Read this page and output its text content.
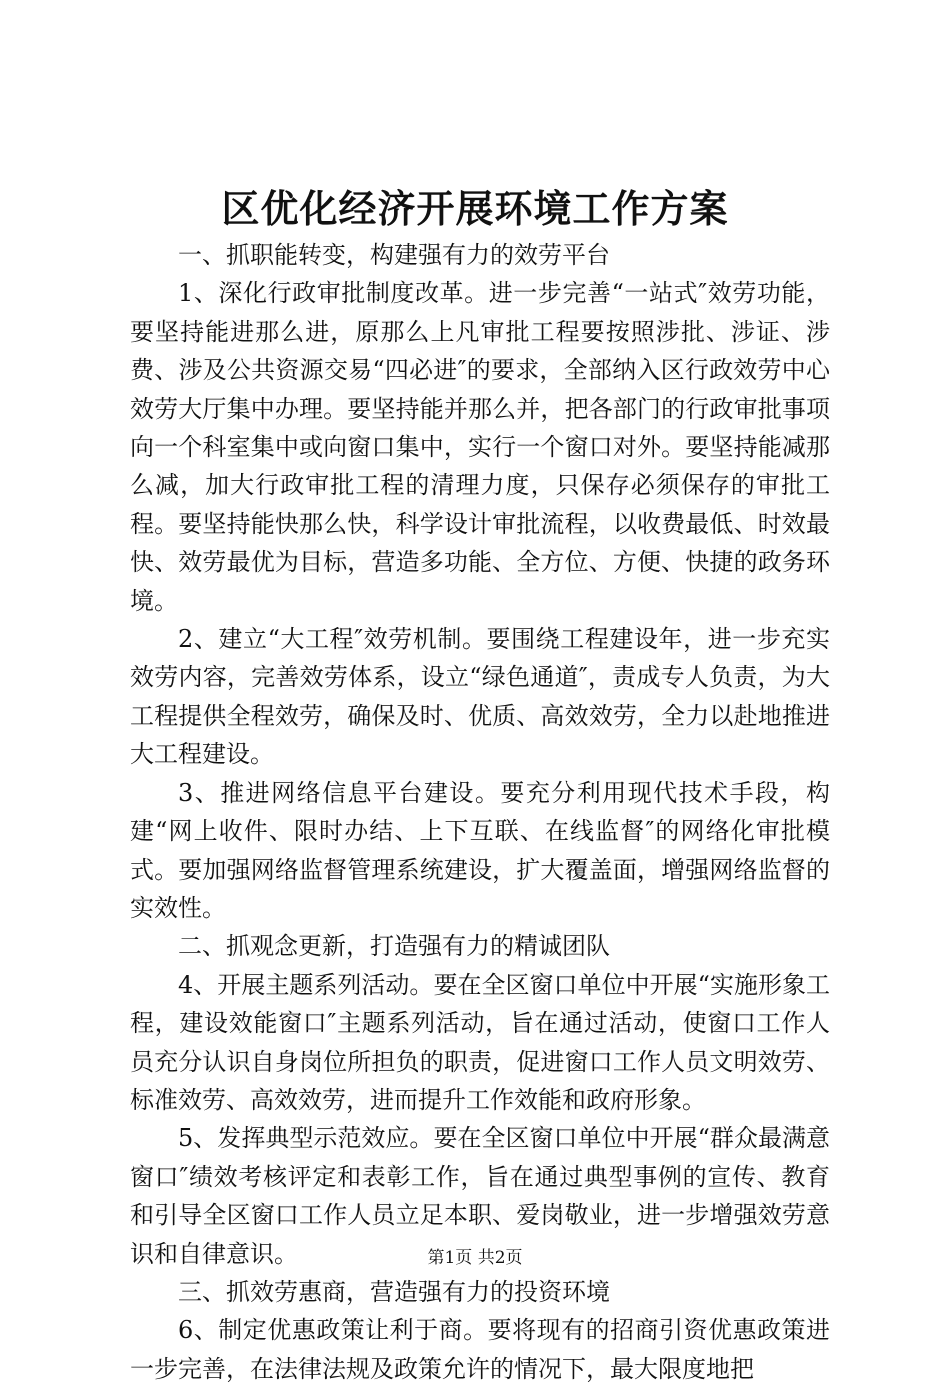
区优化经济开展环境工作方案

一、抓职能转变，构建强有力的效劳平台

1、深化行政审批制度改革。进一步完善“一站式″效劳功能，要坚持能进那么进，原那么上凡审批工程要按照涉批、涉证、涉费、涉及公共资源交易“四必进″的要求，全部纳入区行政效劳中心效劳大厅集中办理。要坚持能并那么并，把各部门的行政审批事项向一个科室集中或向窗口集中，实行一个窗口对外。要坚持能减那么减，加大行政审批工程的清理力度，只保存必须保存的审批工程。要坚持能快那么快，科学设计审批流程，以收费最低、时效最快、效劳最优为目标，营造多功能、全方位、方便、快捷的政务环境。

2、建立“大工程″效劳机制。要围绕工程建设年，进一步充实效劳内容，完善效劳体系，设立“绿色通道″，责成专人负责，为大工程提供全程效劳，确保及时、优质、高效效劳，全力以赴地推进大工程建设。

3、推进网络信息平台建设。要充分利用现代技术手段，构建“网上收件、限时办结、上下互联、在线监督″的网络化审批模式。要加强网络监督管理系统建设，扩大覆盖面，增强网络监督的实效性。

二、抓观念更新，打造强有力的精诚团队

4、开展主题系列活动。要在全区窗口单位中开展“实施形象工程，建设效能窗口″主题系列活动，旨在通过活动，使窗口工作人员充分认识自身岗位所担负的职责，促进窗口工作人员文明效劳、标准效劳、高效效劳，进而提升工作效能和政府形象。

5、发挥典型示范效应。要在全区窗口单位中开展“群众最满意窗口″绩效考核评定和表彰工作，旨在通过典型事例的宣传、教育和引导全区窗口工作人员立足本职、爱岗敬业，进一步增强效劳意识和自律意识。

三、抓效劳惠商，营造强有力的投资环境

6、制定优惠政策让利于商。要将现有的招商引资优惠政策进一步完善，在法律法规及政策允许的情况下，最大限度地把

第1页 共2页
